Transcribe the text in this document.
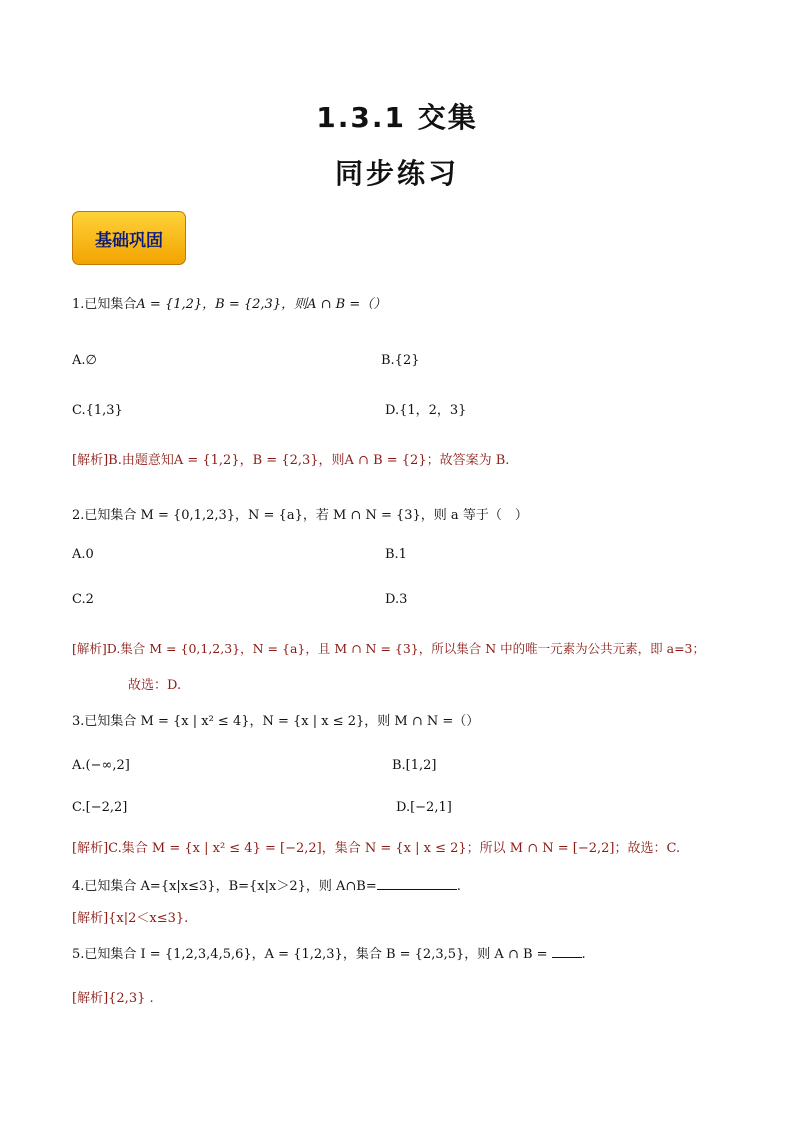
1.3.1 交集
同步练习
基础巩固
1.已知集合A = {1,2}，B = {2,3}，则A ∩ B =（）
A.∅	B.{2}
C.{1,3}	D.{1，2，3}
[解析]B.由题意知A = {1,2}，B = {2,3}，则A ∩ B = {2}；故答案为 B.
2.已知集合 M = {0,1,2,3}，N = {a}，若 M ∩ N = {3}，则 a 等于（　）
A.0	B.1
C.2	D.3
[解析]D.集合 M = {0,1,2,3}，N = {a}，且 M ∩ N = {3}，所以集合 N 中的唯一元素为公共元素，即 a=3；
故选：D.
3.已知集合 M = {x | x² ≤ 4}，N = {x | x ≤ 2}，则 M ∩ N =（）
A.(−∞,2]	B.[1,2]
C.[−2,2]	D.[−2,1]
[解析]C.集合 M = {x | x² ≤ 4} = [−2,2]，集合 N = {x | x ≤ 2}；所以 M ∩ N = [−2,2]；故选：C.
4.已知集合 A={x|x≤3}，B={x|x＞2}，则 A∩B=	.
[解析]{x|2＜x≤3}.
5.已知集合 I = {1,2,3,4,5,6}，A = {1,2,3}，集合 B = {2,3,5}，则 A ∩ B =	.
[解析]{2,3} .
